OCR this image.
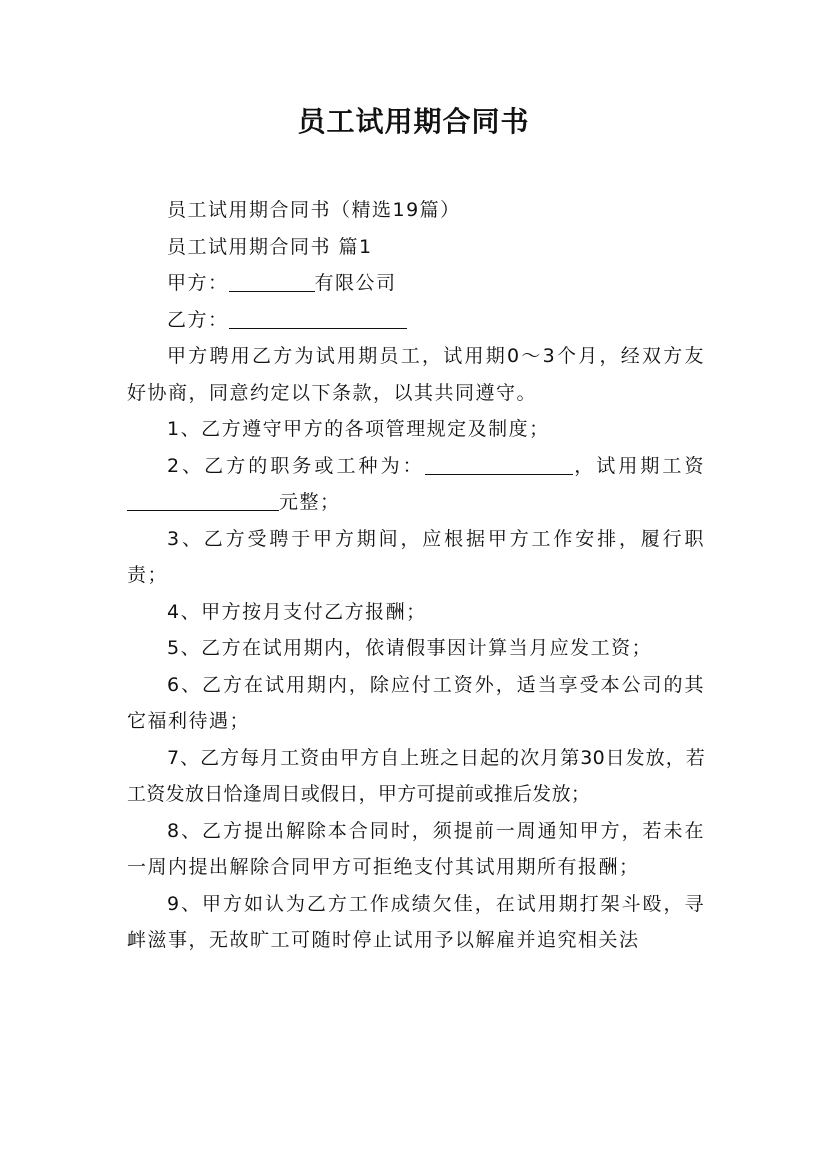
员工试用期合同书

员工试用期合同书（精选19篇）

员工试用期合同书 篇1

甲方：	有限公司

乙方：

甲方聘用乙方为试用期员工，试用期0～3个月，经双方友好协商，同意约定以下条款，以其共同遵守。

1、乙方遵守甲方的各项管理规定及制度；

2、乙方的职务或工种为：	，试用期工资元整；

3、乙方受聘于甲方期间，应根据甲方工作安排，履行职责；

4、甲方按月支付乙方报酬；

5、乙方在试用期内，依请假事因计算当月应发工资；

6、乙方在试用期内，除应付工资外，适当享受本公司的其它福利待遇；

7、乙方每月工资由甲方自上班之日起的次月第30日发放，若工资发放日恰逢周日或假日，甲方可提前或推后发放；

8、乙方提出解除本合同时，须提前一周通知甲方，若未在一周内提出解除合同甲方可拒绝支付其试用期所有报酬；

9、甲方如认为乙方工作成绩欠佳，在试用期打架斗殴，寻衅滋事，无故旷工可随时停止试用予以解雇并追究相关法
